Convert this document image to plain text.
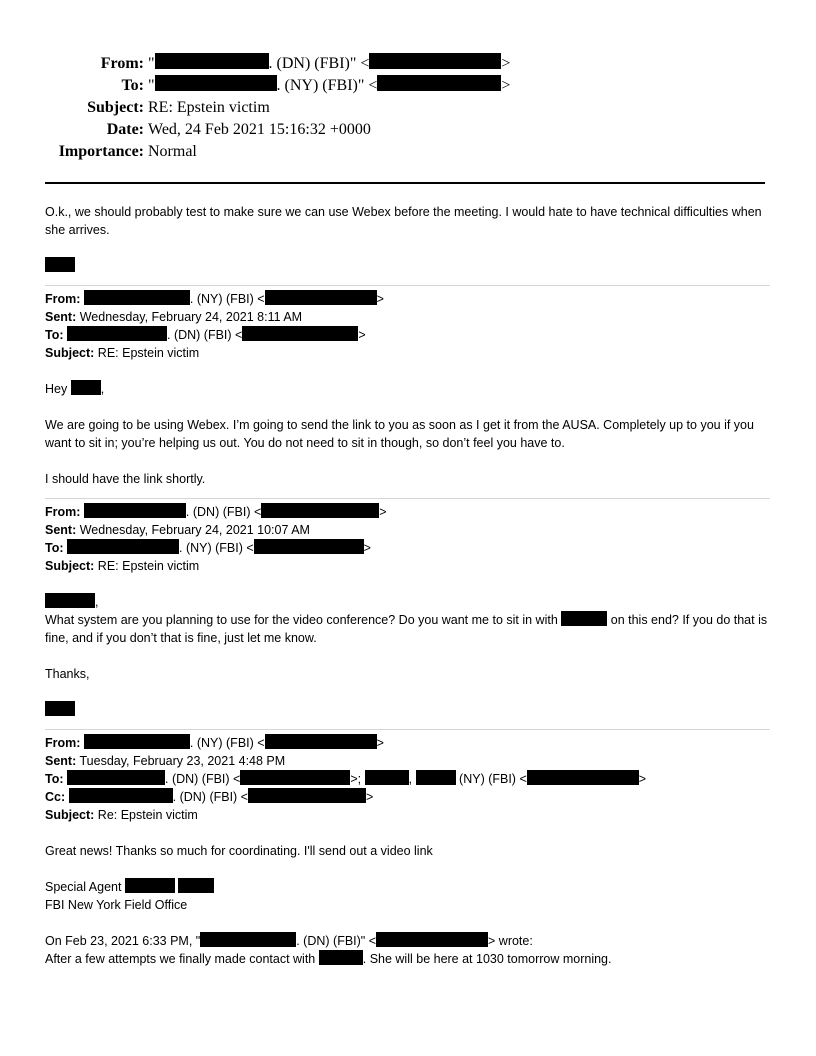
From: "	. (DN) (FBI)" <	>
To: "	. (NY) (FBI)" <	>
Subject: RE: Epstein victim
Date: Wed, 24 Feb 2021 15:16:32 +0000
Importance: Normal

O.k., we should probably test to make sure we can use Webex before the meeting. I would hate to have technical difficulties when she arrives.

From:	. (NY) (FBI) <	>

Sent: Wednesday, February 24, 2021 8:11 AM

To:	. (DN) (FBI) <	>

Subject: RE: Epstein victim

Hey	,

We are going to be using Webex. I’m going to send the link to you as soon as I get it from the AUSA. Completely up to you if you want to sit in; you’re helping us out. You do not need to sit in though, so don’t feel you have to.

I should have the link shortly.

From:	. (DN) (FBI) <	>

Sent: Wednesday, February 24, 2021 10:07 AM

To:	. (NY) (FBI) <	>

Subject: RE: Epstein victim

,

What system are you planning to use for the video conference? Do you want me to sit in with	on this end? If you do that is fine, and if you don’t that is fine, just let me know.

Thanks,

From:	. (NY) (FBI) <	>

Sent: Tuesday, February 23, 2021 4:48 PM

To:	. (DN) (FBI) <	>;	,	(NY) (FBI) <	>

Cc:	. (DN) (FBI) <	>

Subject: Re: Epstein victim

Great news! Thanks so much for coordinating. I'll send out a video link

Special Agent

FBI New York Field Office

On Feb 23, 2021 6:33 PM, "	. (DN) (FBI)" <	> wrote:

After a few attempts we finally made contact with	. She will be here at 1030 tomorrow morning.
